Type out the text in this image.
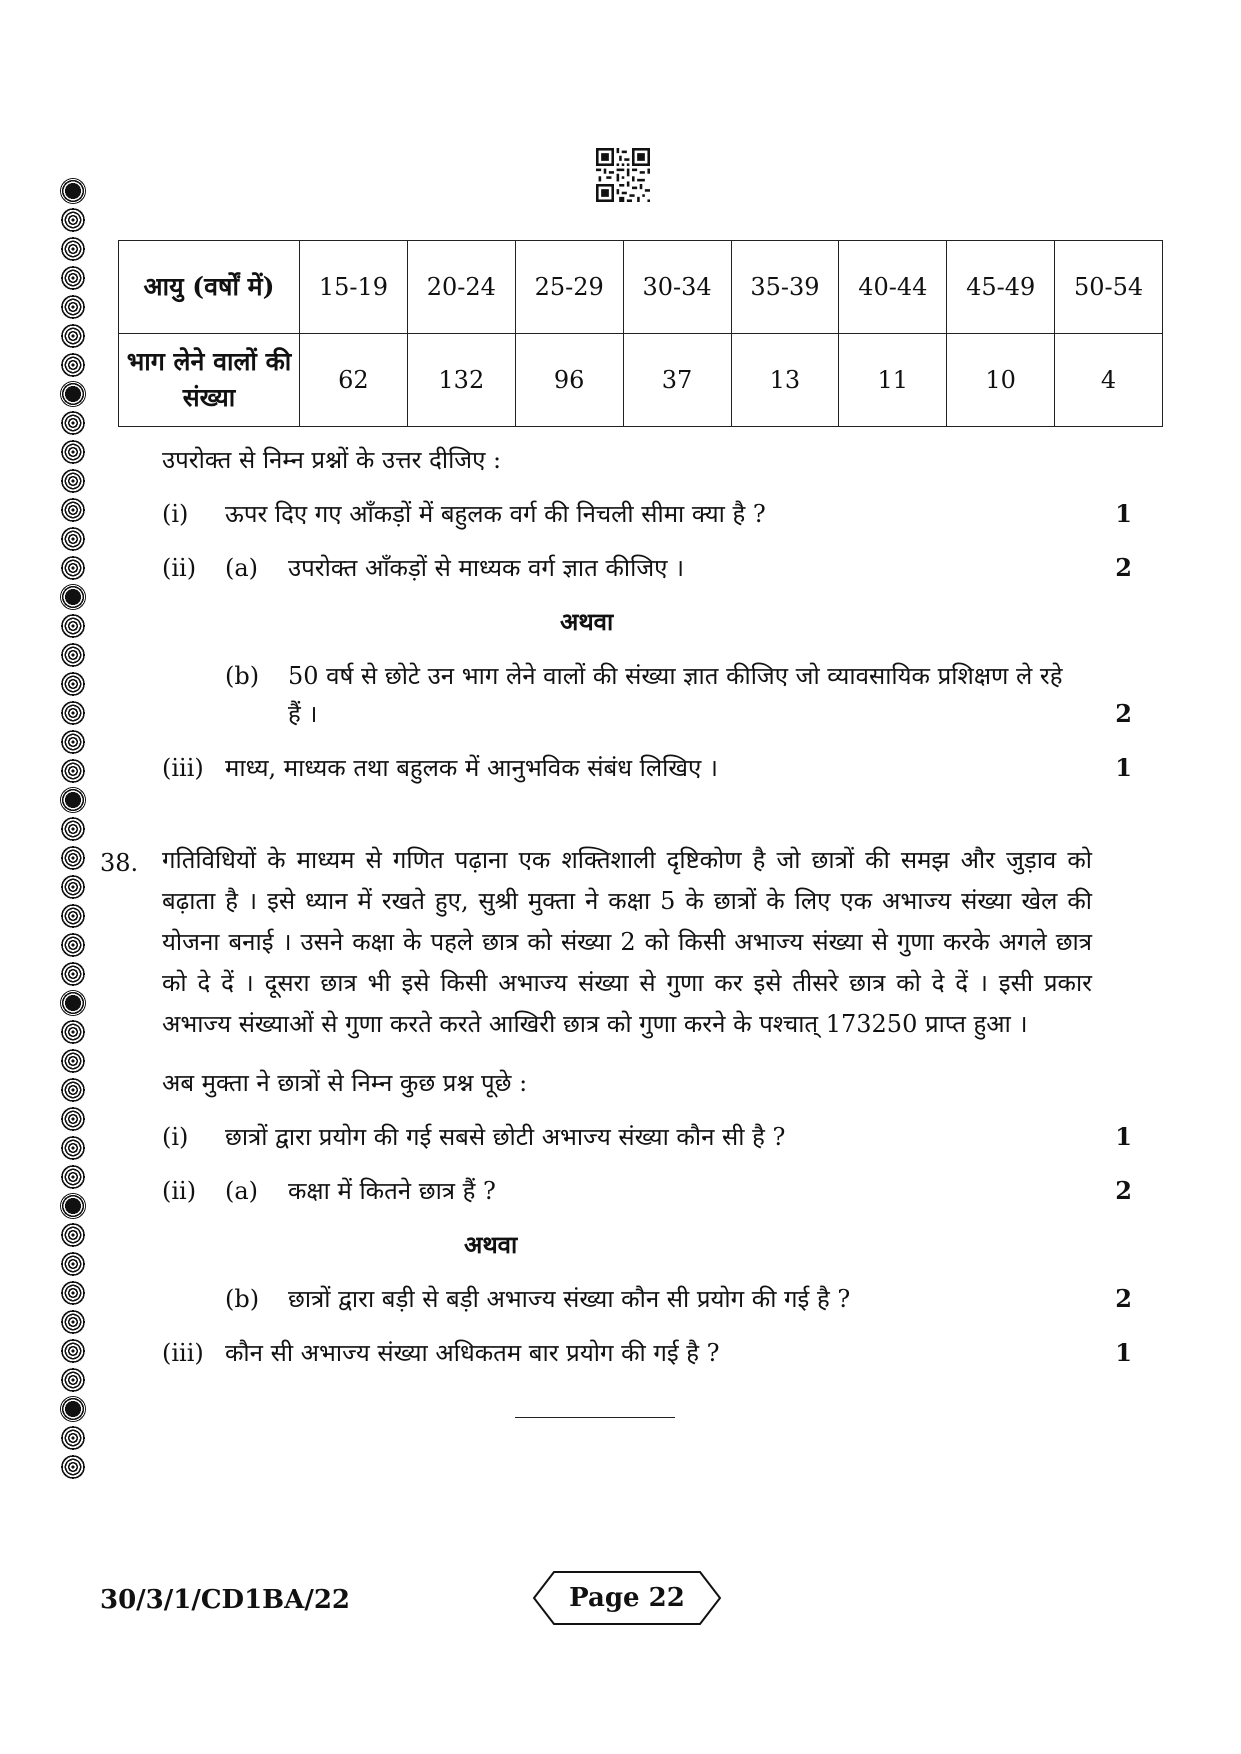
आयु (वर्षों में)	15-19	20-24	25-29	30-34	35-39	40-44	45-49	50-54
भाग लेने वालों की संख्या	62	132	96	37	13	11	10	4
उपरोक्त से निम्न प्रश्नों के उत्तर दीजिए :
(i) ऊपर दिए गए आँकड़ों में बहुलक वर्ग की निचली सीमा क्या है ?	1
(ii) (a) उपरोक्त आँकड़ों से माध्यक वर्ग ज्ञात कीजिए ।	2
अथवा
(b) 50 वर्ष से छोटे उन भाग लेने वालों की संख्या ज्ञात कीजिए जो व्यावसायिक प्रशिक्षण ले रहे
हैं ।	2
(iii) माध्य, माध्यक तथा बहुलक में आनुभविक संबंध लिखिए ।	1
38. गतिविधियों के माध्यम से गणित पढ़ाना एक शक्तिशाली दृष्टिकोण है जो छात्रों की समझ और जुड़ाव को बढ़ाता है । इसे ध्यान में रखते हुए, सुश्री मुक्ता ने कक्षा 5 के छात्रों के लिए एक अभाज्य संख्या खेल की योजना बनाई । उसने कक्षा के पहले छात्र को संख्या 2 को किसी अभाज्य संख्या से गुणा करके अगले छात्र को दे दें । दूसरा छात्र भी इसे किसी अभाज्य संख्या से गुणा कर इसे तीसरे छात्र को दे दें । इसी प्रकार अभाज्य संख्याओं से गुणा करते करते आखिरी छात्र को गुणा करने के पश्चात् 173250 प्राप्त हुआ ।
अब मुक्ता ने छात्रों से निम्न कुछ प्रश्न पूछे :
(i) छात्रों द्वारा प्रयोग की गई सबसे छोटी अभाज्य संख्या कौन सी है ?	1
(ii) (a) कक्षा में कितने छात्र हैं ?	2
अथवा
(b) छात्रों द्वारा बड़ी से बड़ी अभाज्य संख्या कौन सी प्रयोग की गई है ?	2
(iii) कौन सी अभाज्य संख्या अधिकतम बार प्रयोग की गई है ?	1
30/3/1/CD1BA/22	Page 22
